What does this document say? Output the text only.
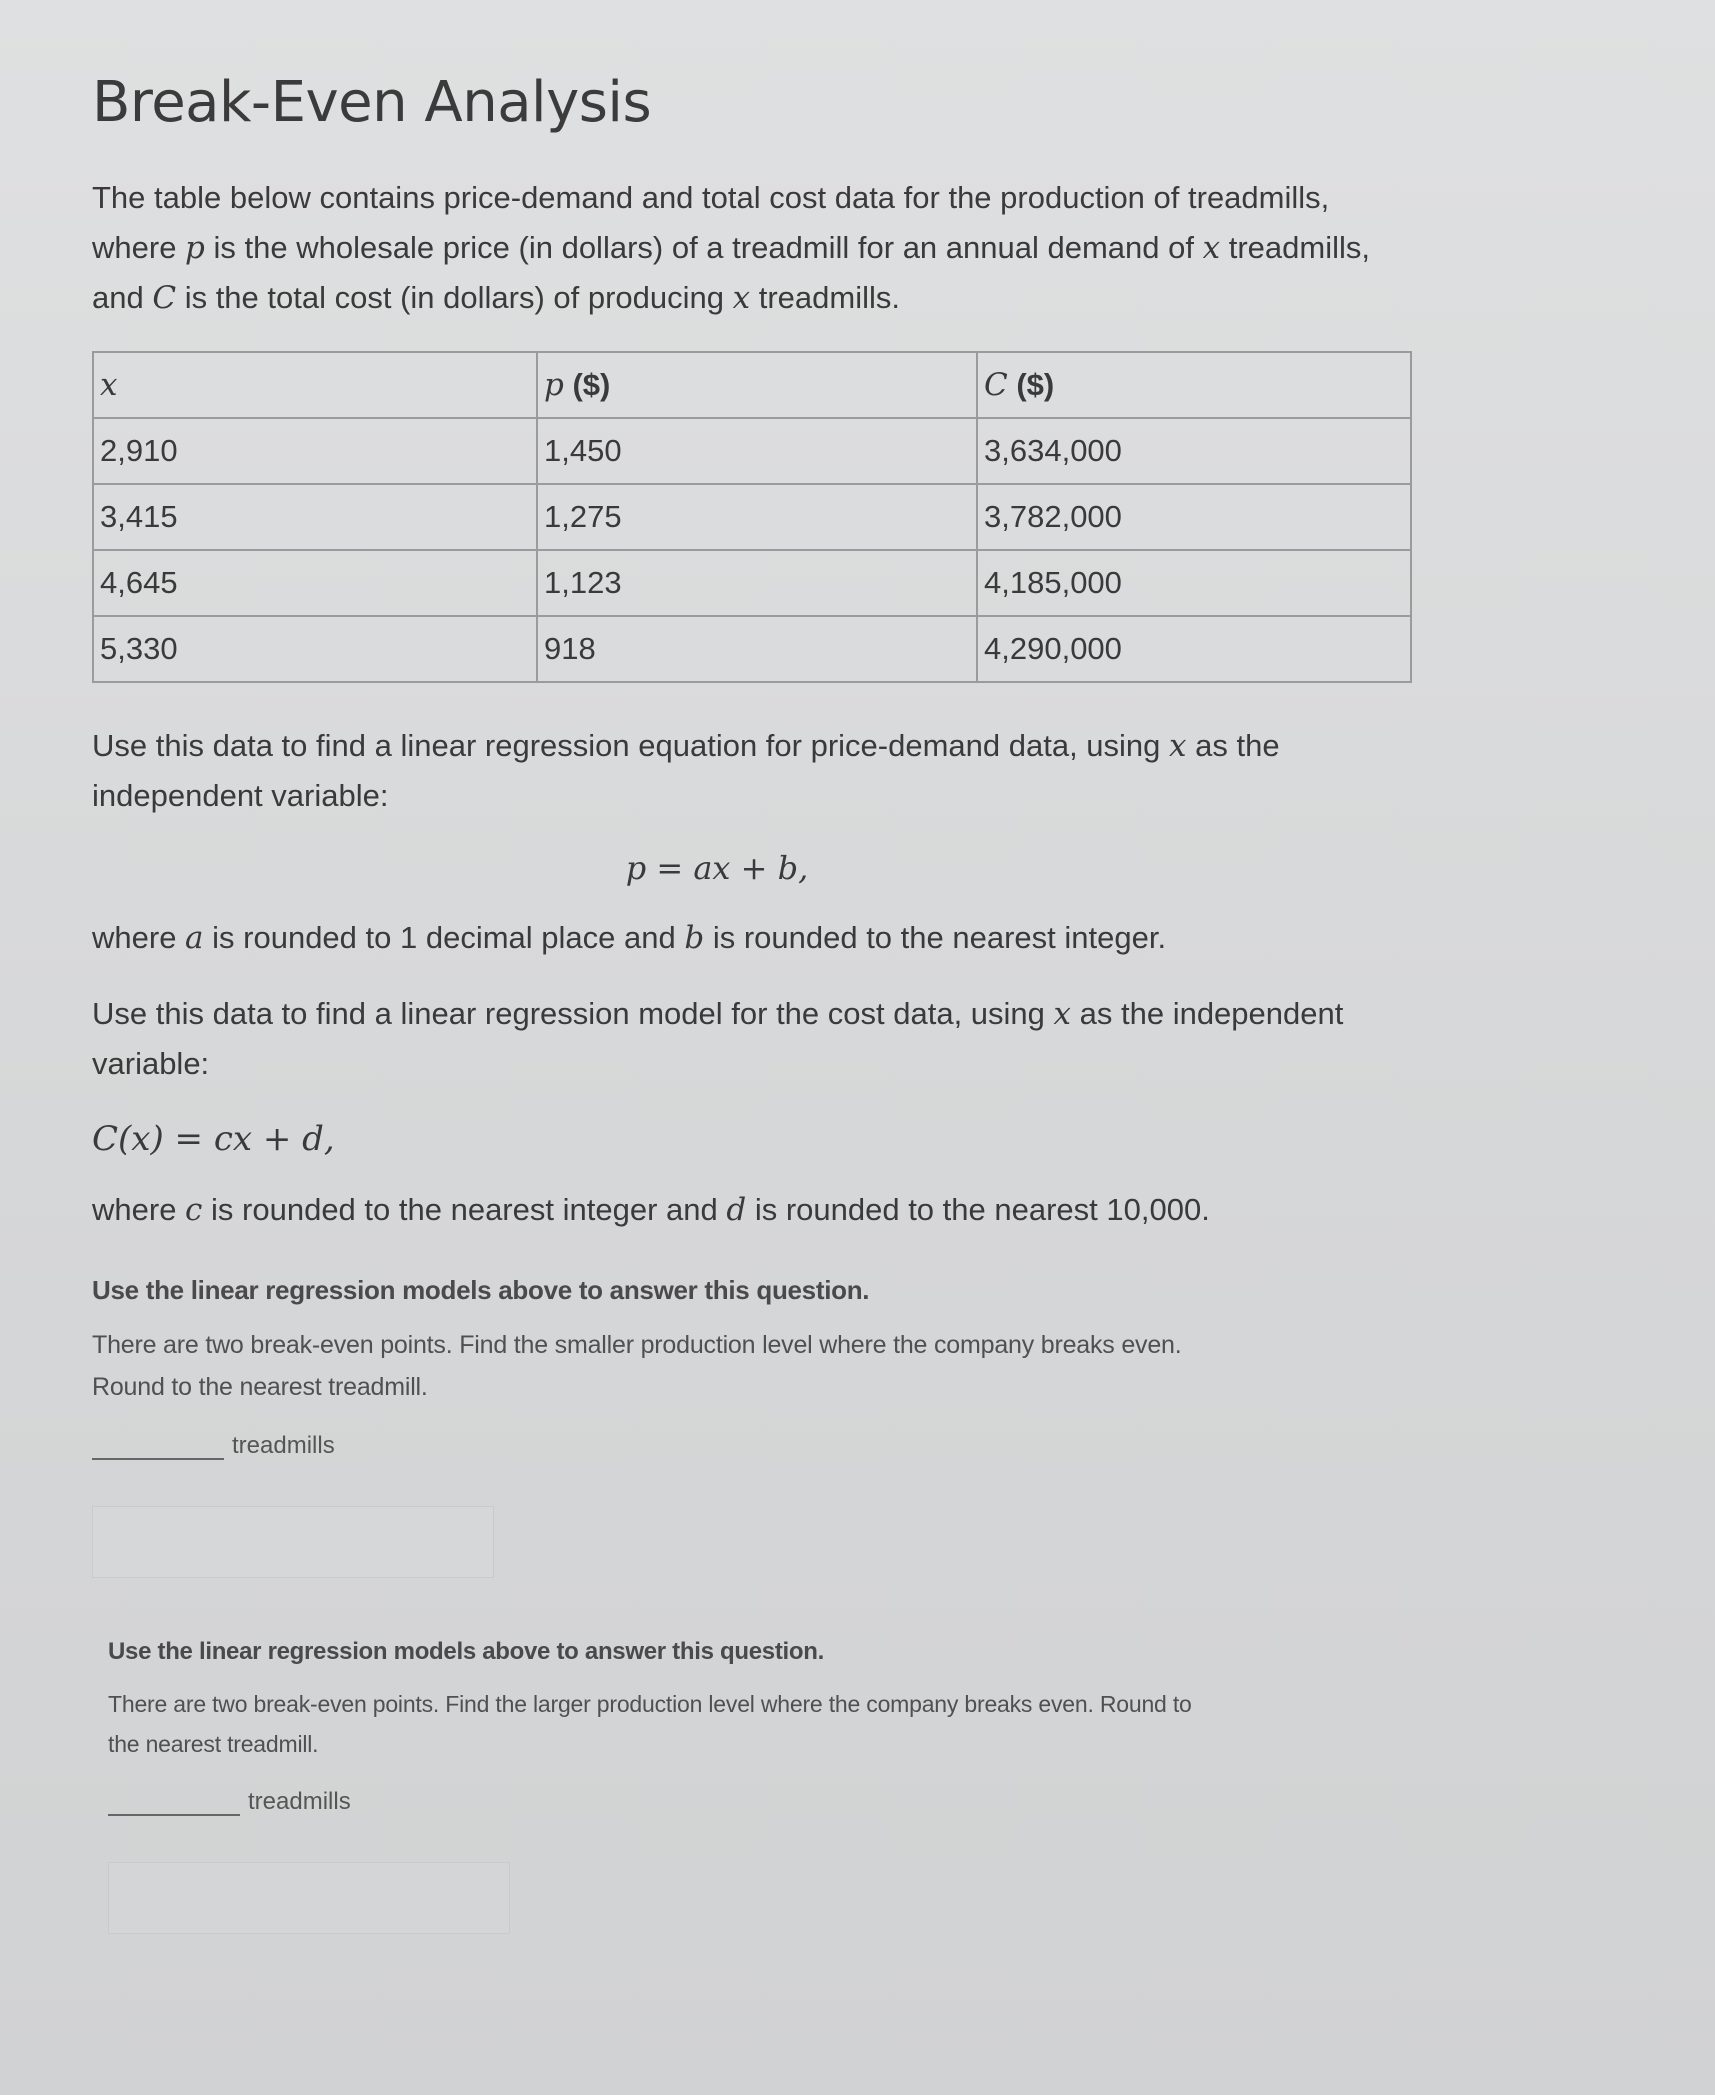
Break-Even Analysis

The table below contains price-demand and total cost data for the production of treadmills, where p is the wholesale price (in dollars) of a treadmill for an annual demand of x treadmills, and C is the total cost (in dollars) of producing x treadmills.

x	p ($)	C ($)
2,910	1,450	3,634,000
3,415	1,275	3,782,000
4,645	1,123	4,185,000
5,330	918	4,290,000

Use this data to find a linear regression equation for price-demand data, using x as the independent variable:

p = ax + b,

where a is rounded to 1 decimal place and b is rounded to the nearest integer.

Use this data to find a linear regression model for the cost data, using x as the independent variable:

C(x) = cx + d,

where c is rounded to the nearest integer and d is rounded to the nearest 10,000.

Use the linear regression models above to answer this question.
There are two break-even points. Find the smaller production level where the company breaks even. Round to the nearest treadmill.
treadmills
Use the linear regression models above to answer this question.
There are two break-even points. Find the larger production level where the company breaks even. Round to the nearest treadmill.
treadmills
